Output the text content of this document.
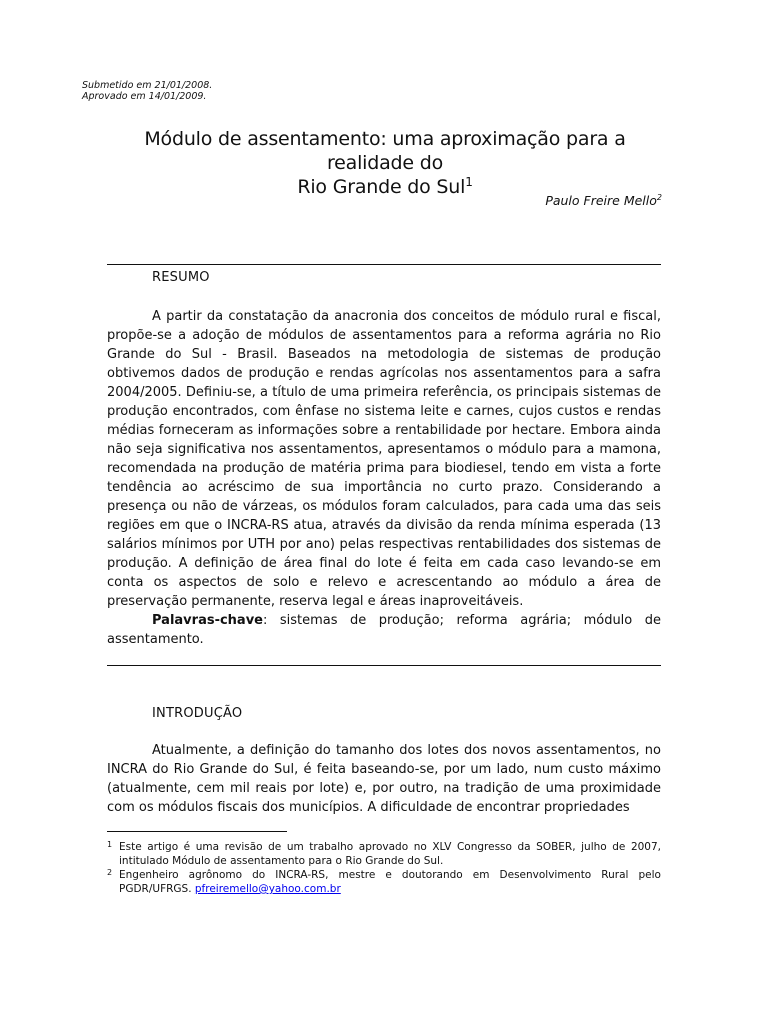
Submetido em 21/01/2008.
Aprovado em 14/01/2009.
Módulo de assentamento: uma aproximação para a realidade do
Rio Grande do Sul$^1$
Paulo Freire Mello$^2$
RESUMO

A partir da constatação da anacronia dos conceitos de módulo rural e fiscal, propõe-se a adoção de módulos de assentamentos para a reforma agrária no Rio Grande do Sul - Brasil. Baseados na metodologia de sistemas de produção obtivemos dados de produção e rendas agrícolas nos assentamentos para a safra 2004/2005. Definiu-se, a título de uma primeira referência, os principais sistemas de produção encontrados, com ênfase no sistema leite e carnes, cujos custos e rendas médias forneceram as informações sobre a rentabilidade por hectare. Embora ainda não seja significativa nos assentamentos, apresentamos o módulo para a mamona, recomendada na produção de matéria prima para biodiesel, tendo em vista a forte tendência ao acréscimo de sua importância no curto prazo. Considerando a presença ou não de várzeas, os módulos foram calculados, para cada uma das seis regiões em que o INCRA-RS atua, através da divisão da renda mínima esperada (13 salários mínimos por UTH por ano) pelas respectivas rentabilidades dos sistemas de produção. A definição de área final do lote é feita em cada caso levando-se em conta os aspectos de solo e relevo e acrescentando ao módulo a área de preservação permanente, reserva legal e áreas inaproveitáveis.

Palavras-chave: sistemas de produção; reforma agrária; módulo de assentamento.

INTRODUÇÃO

Atualmente, a definição do tamanho dos lotes dos novos assentamentos, no INCRA do Rio Grande do Sul, é feita baseando-se, por um lado, num custo máximo (atualmente, cem mil reais por lote) e, por outro, na tradição de uma proximidade com os módulos fiscais dos municípios. A dificuldade de encontrar propriedades

1 Este artigo é uma revisão de um trabalho aprovado no XLV Congresso da SOBER, julho de 2007, intitulado Módulo de assentamento para o Rio Grande do Sul.

2 Engenheiro agrônomo do INCRA-RS, mestre e doutorando em Desenvolvimento Rural pelo PGDR/UFRGS. pfreiremello@yahoo.com.br
